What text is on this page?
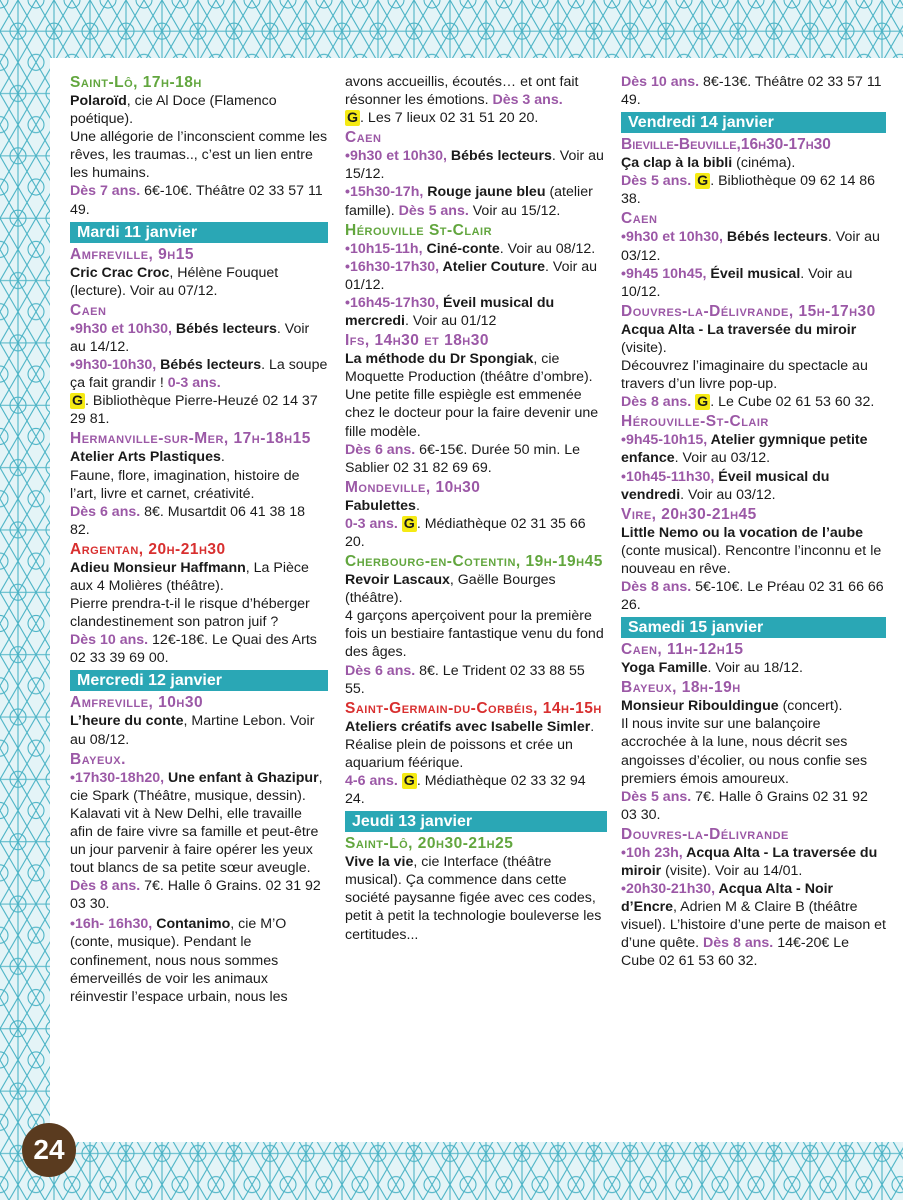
Saint-Lô, 17h-18h
Polaroïd, cie Al Doce (Flamenco poétique).
Une allégorie de l’inconscient comme les rêves, les traumas.., c’est un lien entre les humains.
Dès 7 ans. 6€-10€. Théâtre 02 33 57 11 49.
Mardi 11 janvier
Amfreville, 9h15
Cric Crac Croc, Hélène Fouquet (lecture). Voir au 07/12.
Caen
•9h30 et 10h30, Bébés lecteurs. Voir au 14/12.
•9h30-10h30, Bébés lecteurs. La soupe ça fait grandir ! 0-3 ans.
G . Bibliothèque Pierre-Heuzé 02 14 37 29 81.
Hermanville-sur-Mer, 17h-18h15
Atelier Arts Plastiques.
Faune, flore, imagination, histoire de l’art, livre et carnet, créativité.
Dès 6 ans. 8€. Musartdit 06 41 38 18 82.
Argentan, 20h-21h30
Adieu Monsieur Haffmann, La Pièce aux 4 Molières (théâtre).
Pierre prendra-t-il le risque d’héberger clandestinement son patron juif ?
Dès 10 ans. 12€-18€. Le Quai des Arts 02 33 39 69 00.
Mercredi 12 janvier
Amfreville, 10h30
L’heure du conte, Martine Lebon. Voir au 08/12.
Bayeux.
•17h30-18h20, Une enfant à Ghazipur, cie Spark (Théâtre, musique, dessin). Kalavati vit à New Delhi, elle travaille afin de faire vivre sa famille et peut-être un jour parvenir à faire opérer les yeux tout blancs de sa petite sœur aveugle.
Dès 8 ans. 7€. Halle ô Grains. 02 31 92 03 30.
•16h- 16h30, Contanimo, cie M’O (conte, musique). Pendant le confinement, nous nous sommes émerveillés de voir les animaux réinvestir l’espace urbain, nous les
avons accueillis, écoutés… et ont fait résonner les émotions. Dès 3 ans.
G . Les 7 lieux 02 31 51 20 20.
Caen
•9h30 et 10h30, Bébés lecteurs. Voir au 15/12.
•15h30-17h, Rouge jaune bleu (atelier famille). Dès 5 ans. Voir au 15/12.
Hérouville St-Clair
•10h15-11h, Ciné-conte. Voir au 08/12.
•16h30-17h30, Atelier Couture. Voir au 01/12.
•16h45-17h30, Éveil musical du mercredi. Voir au 01/12
Ifs, 14h30 et 18h30
La méthode du Dr Spongiak, cie Moquette Production (théâtre d’ombre).
Une petite fille espiègle est emmenée chez le docteur pour la faire devenir une fille modèle.
Dès 6 ans. 6€-15€. Durée 50 min. Le Sablier 02 31 82 69 69.
Mondeville, 10h30
Fabulettes.
0-3 ans. G . Médiathèque 02 31 35 66 20.
Cherbourg-en-Cotentin, 19h-19h45
Revoir Lascaux, Gaëlle Bourges (théâtre).
4 garçons aperçoivent pour la première fois un bestiaire fantastique venu du fond des âges.
Dès 6 ans. 8€. Le Trident 02 33 88 55 55.
Saint-Germain-du-Corbéis, 14h-15h
Ateliers créatifs avec Isabelle Simler.
Réalise plein de poissons et crée un aquarium féérique.
4-6 ans. G . Médiathèque 02 33 32 94 24.
Jeudi 13 janvier
Saint-Lô, 20h30-21h25
Vive la vie, cie Interface (théâtre musical). Ça commence dans cette société paysanne figée avec ces codes, petit à petit la technologie bouleverse les certitudes...
Dès 10 ans. 8€-13€. Théâtre 02 33 57 11 49.
Vendredi 14 janvier
Bieville-Beuville,16h30-17h30
Ça clap à la bibli (cinéma).
Dès 5 ans. G . Bibliothèque 09 62 14 86 38.
Caen
•9h30 et 10h30, Bébés lecteurs. Voir au 03/12.
•9h45 10h45, Éveil musical. Voir au 10/12.
Douvres-la-Délivrande, 15h-17h30
Acqua Alta - La traversée du miroir (visite).
Découvrez l’imaginaire du spectacle au travers d’un livre pop-up.
Dès 8 ans. G . Le Cube 02 61 53 60 32.
Hérouville-St-Clair
•9h45-10h15, Atelier gymnique petite enfance. Voir au 03/12.
•10h45-11h30, Éveil musical du vendredi. Voir au 03/12.
Vire, 20h30-21h45
Little Nemo ou la vocation de l’aube (conte musical). Rencontre l’inconnu et le nouveau en rêve.
Dès 8 ans. 5€-10€. Le Préau 02 31 66 66 26.
Samedi 15 janvier
Caen, 11h-12h15
Yoga Famille. Voir au 18/12.
Bayeux, 18h-19h
Monsieur Ribouldingue (concert).
Il nous invite sur une balançoire accrochée à la lune, nous décrit ses angoisses d’écolier, ou nous confie ses premiers émois amoureux.
Dès 5 ans. 7€. Halle ô Grains 02 31 92 03 30.
Douvres-la-Délivrande
•10h 23h, Acqua Alta - La traversée du miroir (visite). Voir au 14/01.
•20h30-21h30, Acqua Alta - Noir d’Encre, Adrien M & Claire B (théâtre visuel). L’histoire d’une perte de maison et d’une quête. Dès 8 ans. 14€-20€ Le Cube 02 61 53 60 32.
24
